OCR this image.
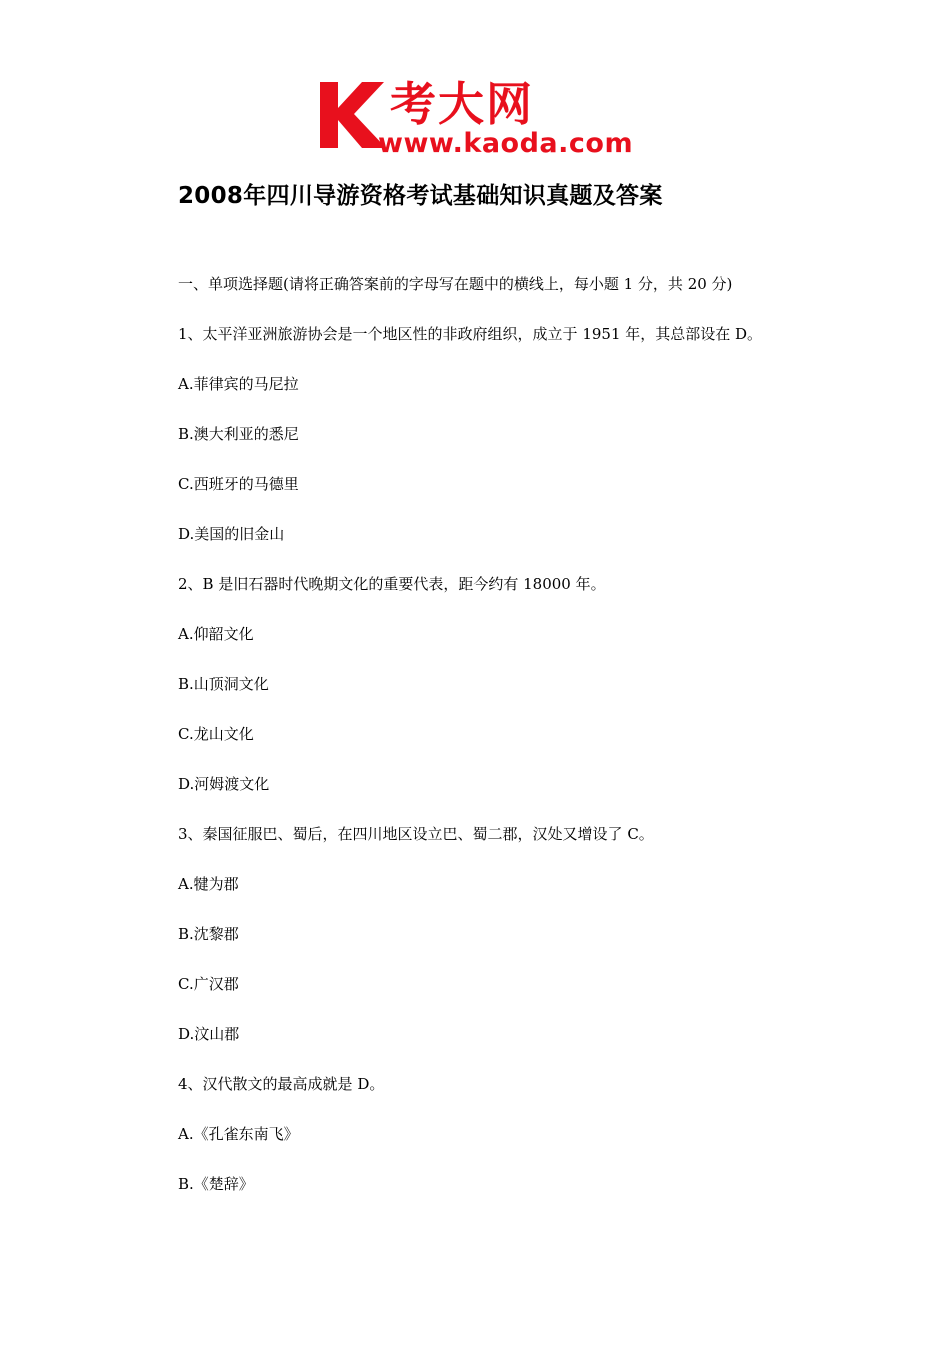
考大网
www.kaoda.com
2008年四川导游资格考试基础知识真题及答案
一、单项选择题(请将正确答案前的字母写在题中的横线上，每小题 1 分，共 20 分)
1、太平洋亚洲旅游协会是一个地区性的非政府组织，成立于 1951 年，其总部设在 D。
A.菲律宾的马尼拉
B.澳大利亚的悉尼
C.西班牙的马德里
D.美国的旧金山
2、B 是旧石器时代晚期文化的重要代表，距今约有 18000 年。
A.仰韶文化
B.山顶洞文化
C.龙山文化
D.河姆渡文化
3、秦国征服巴、蜀后，在四川地区设立巴、蜀二郡，汉处又增设了 C。
A.犍为郡
B.沈黎郡
C.广汉郡
D.汶山郡
4、汉代散文的最高成就是 D。
A.《孔雀东南飞》
B.《楚辞》
